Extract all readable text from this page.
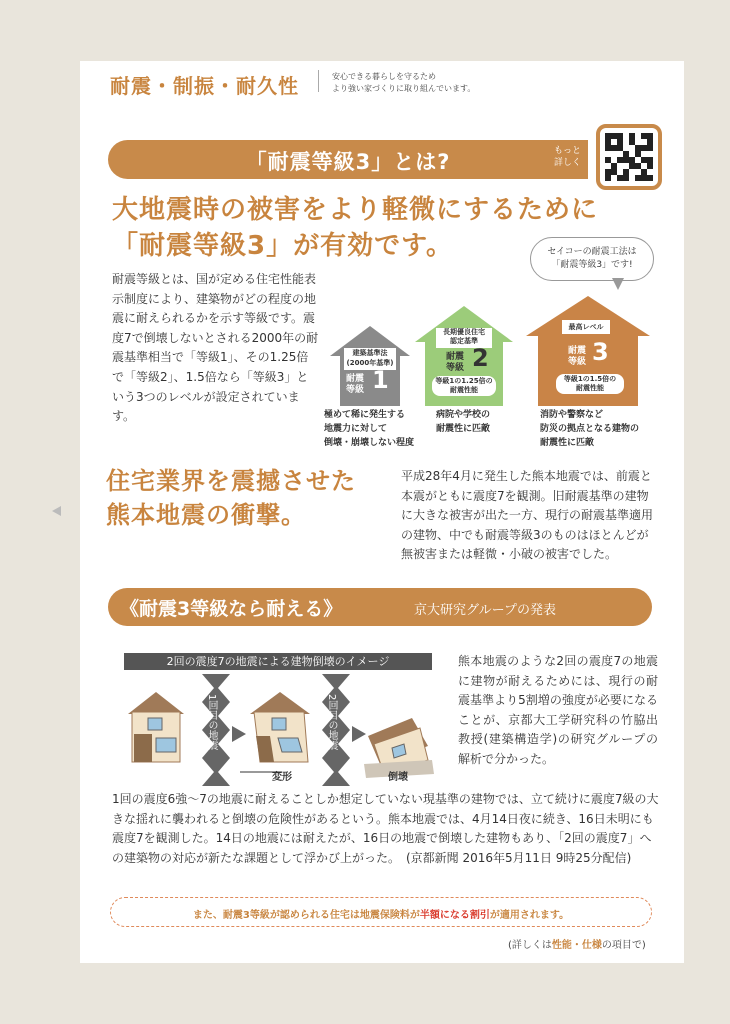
耐震・制振・耐久性	安心できる暮らしを守るため
より強い家づくりに取り組んでいます。
「耐震等級3」とは?	もっと
詳しく
大地震時の被害をより軽微にするために
「耐震等級3」が有効です。
耐震等級とは、国が定める住宅性能表示制度により、建築物がどの程度の地震に耐えられるかを示す等級です。震度7で倒壊しないとされる2000年の耐震基準相当で「等級1」、その1.25倍で「等級2」、1.5倍なら「等級3」という3つのレベルが設定されています。
セイコーの耐震工法は
「耐震等級3」です!
建築基準法
(2000年基準)
耐震
等級 1
長期優良住宅
認定基準
耐震
等級 2
等級1の1.25倍の
耐震性能
最高レベル
耐震
等級 3
等級1の1.5倍の
耐震性能
極めて稀に発生する
地震力に対して
倒壊・崩壊しない程度
病院や学校の
耐震性に匹敵
消防や警察など
防災の拠点となる建物の
耐震性に匹敵
住宅業界を震撼させた
熊本地震の衝撃。
平成28年4月に発生した熊本地震では、前震と本震がともに震度7を観測。旧耐震基準の建物に大きな被害が出た一方、現行の耐震基準適用の建物、中でも耐震等級3のものはほとんどが無被害または軽微・小破の被害でした。
《耐震3等級なら耐える》	京大研究グループの発表
2回の震度7の地震による建物倒壊のイメージ
1回目の地震	2回目の地震
変形	倒壊
熊本地震のような2回の震度7の地震に建物が耐えるためには、現行の耐震基準より5割増の強度が必要になることが、京都大工学研究科の竹脇出教授(建築構造学)の研究グループの解析で分かった。
1回の震度6強〜7の地震に耐えることしか想定していない現基準の建物では、立て続けに震度7級の大きな揺れに襲われると倒壊の危険性があるという。熊本地震では、4月14日夜に続き、16日未明にも震度7を観測した。14日の地震には耐えたが、16日の地震で倒壊した建物もあり、「2回の震度7」への建築物の対応が新たな課題として浮かび上がった。　(京都新聞 2016年5月11日 9時25分配信)
また、耐震3等級が認められる住宅は地震保険料が半額になる割引が適用されます。
(詳しくは性能・仕様の項目で)
